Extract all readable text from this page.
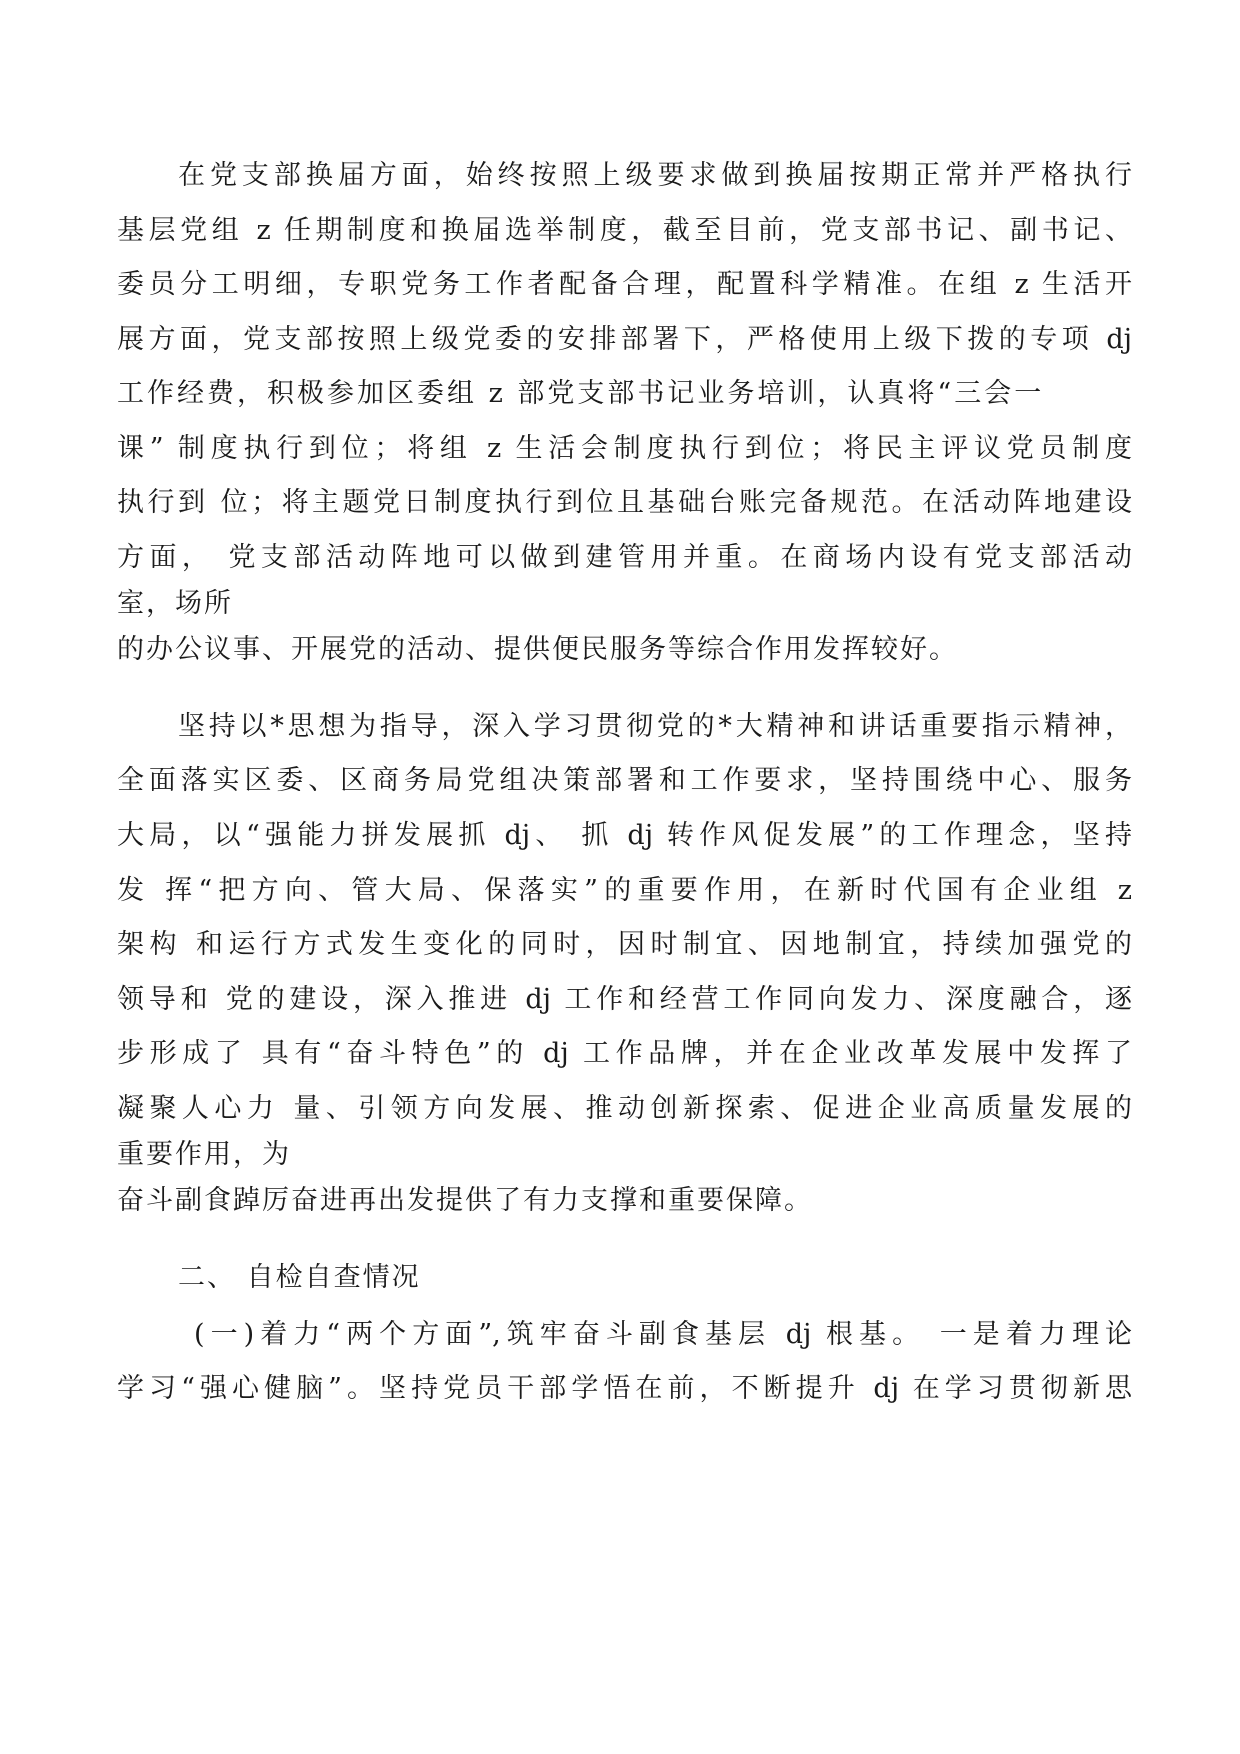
在党支部换届方面，始终按照上级要求做到换届按期正常并严格执行

基层党组 z 任期制度和换届选举制度，截至目前，党支部书记、副书记、

委员分工明细，专职党务工作者配备合理，配置科学精准。在组 z 生活开

展方面，党支部按照上级党委的安排部署下，严格使用上级下拨的专项 dj

工作经费，积极参加区委组 z 部党支部书记业务培训，认真将“三会一

课” 制度执行到位；将组 z 生活会制度执行到位；将民主评议党员制度

执行到 位；将主题党日制度执行到位且基础台账完备规范。在活动阵地建设

方面， 党支部活动阵地可以做到建管用并重。在商场内设有党支部活动

室，场所

的办公议事、开展党的活动、提供便民服务等综合作用发挥较好。

坚持以*思想为指导，深入学习贯彻党的*大精神和讲话重要指示精神，

全面落实区委、区商务局党组决策部署和工作要求，坚持围绕中心、服务

大局，以“强能力拼发展抓 dj、 抓 dj 转作风促发展”的工作理念，坚持

发 挥“把方向、管大局、保落实”的重要作用，在新时代国有企业组 z

架构 和运行方式发生变化的同时，因时制宜、因地制宜，持续加强党的

领导和 党的建设，深入推进 dj 工作和经营工作同向发力、深度融合，逐

步形成了 具有“奋斗特色”的 dj 工作品牌，并在企业改革发展中发挥了

凝聚人心力 量、引领方向发展、推动创新探索、促进企业高质量发展的

重要作用，为

奋斗副食踔厉奋进再出发提供了有力支撑和重要保障。

二、 自检自查情况

(一)着力“两个方面”,筑牢奋斗副食基层 dj 根基。 一是着力理论

学习“强心健脑”。坚持党员干部学悟在前，不断提升 dj 在学习贯彻新思
